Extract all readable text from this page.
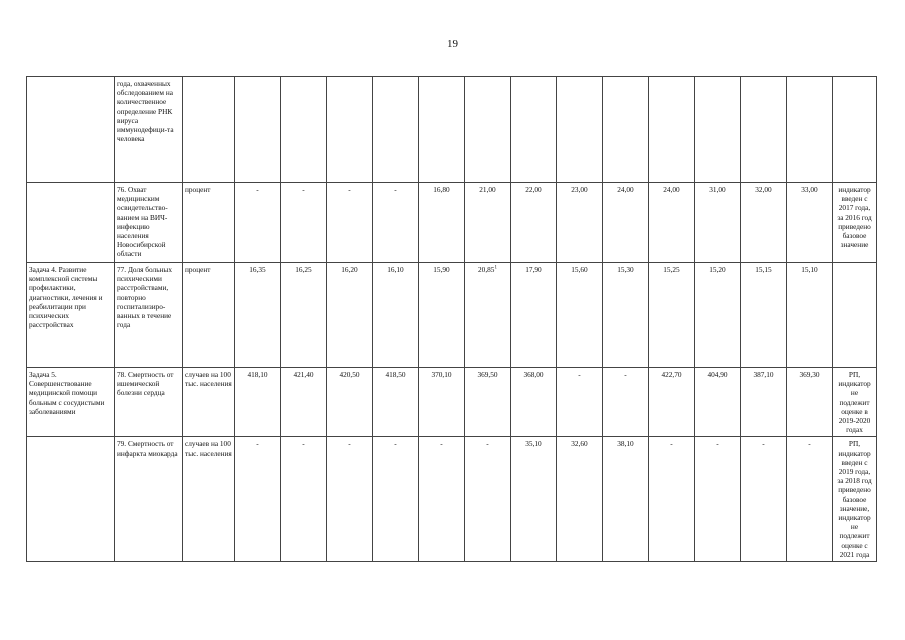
19
	года, охваченных обследованием на количественное определение РНК вируса иммунодефици-та человека															
	76. Охват медицинским освидетельство-ванием на ВИЧ-инфекцию населения Новосибирской области	процент	-	-	-	-	16,80	21,00	22,00	23,00	24,00	24,00	31,00	32,00	33,00	индикатор введен с 2017 года, за 2016 год приведено базовое значение
Задача 4. Развитие комплексной системы профилактики, диагностики, лечения и реабилитации при психических расстройствах	77. Доля больных психическими расстройствами, повторно госпитализиро-ванных в течение года	процент	16,35	16,25	16,20	16,10	15,90	20,85$^1$	17,90	15,60	15,30	15,25	15,20	15,15	15,10	
Задача 5. Совершенствование медицинской помощи больным с сосудистыми заболеваниями	78. Смертность от ишемической болезни сердца	случаев на 100 тыс. населения	418,10	421,40	420,50	418,50	370,10	369,50	368,00	-	-	422,70	404,90	387,10	369,30	РП, индикатор не подлежит оценке в 2019-2020 годах
	79. Смертность от инфаркта миокарда	случаев на 100 тыс. населения	-	-	-	-	-	-	35,10	32,60	38,10	-	-	-	-	РП, индикатор введен с 2019 года, за 2018 год приведено базовое значение, индикатор не подлежит оценке с 2021 года
